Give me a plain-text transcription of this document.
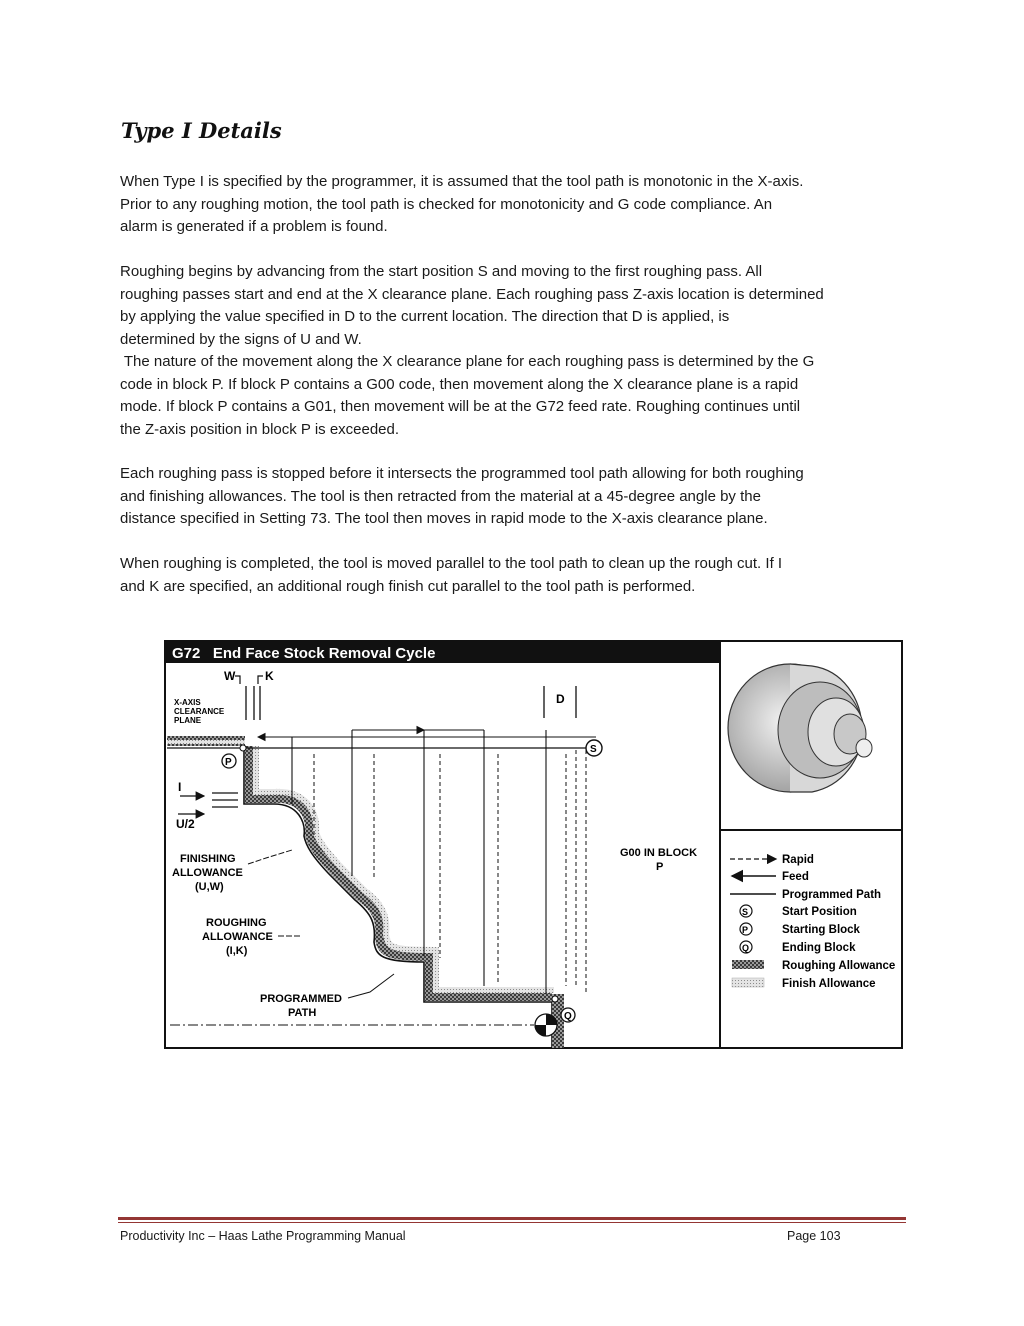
Type I Details
When Type I is specified by the programmer, it is assumed that the tool path is monotonic in the X-axis.
Prior to any roughing motion, the tool path is checked for monotonicity and G code compliance. An
alarm is generated if a problem is found.
Roughing begins by advancing from the start position S and moving to the first roughing pass. All
roughing passes start and end at the X clearance plane. Each roughing pass Z-axis location is determined
by applying the value specified in D to the current location. The direction that D is applied, is
determined by the signs of U and W.
The nature of the movement along the X clearance plane for each roughing pass is determined by the G
code in block P. If block P contains a G00 code, then movement along the X clearance plane is a rapid
mode. If block P contains a G01, then movement will be at the G72 feed rate. Roughing continues until
the Z-axis position in block P is exceeded.
Each roughing pass is stopped before it intersects the programmed tool path allowing for both roughing
and finishing allowances. The tool is then retracted from the material at a 45-degree angle by the
distance specified in Setting 73. The tool then moves in rapid mode to the X-axis clearance plane.
When roughing is completed, the tool is moved parallel to the tool path to clean up the rough cut. If I
and K are specified, an additional rough finish cut parallel to the tool path is performed.
G72   End Face Stock Removal Cycle
W K
D
X-AXIS
CLEARANCE
PLANE
S
P
Q
I
U/2
FINISHING
ALLOWANCE
(U,W)
ROUGHING
ALLOWANCE
(I,K)
PROGRAMMED
PATH
G00 IN BLOCK
P
Rapid
Feed
Programmed Path
S	Start Position
P	Starting Block
Q	Ending Block
Roughing Allowance
Finish Allowance
Productivity Inc – Haas Lathe Programming Manual	Page 103
